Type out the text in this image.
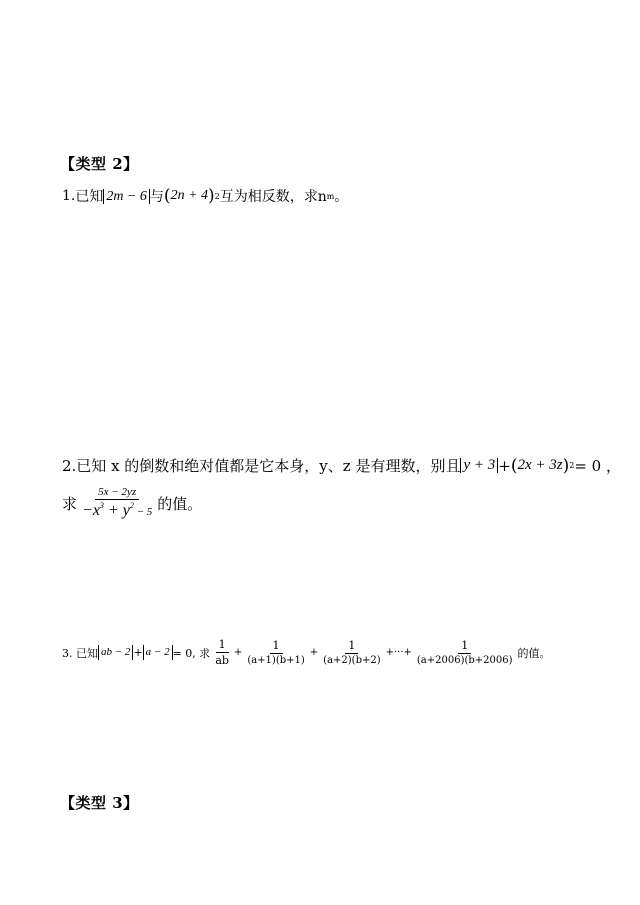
【类型 2】
1. 已知 2m − 6 与 ( 2n + 4 ) 2 互为相反数，求n m 。
2.已知 x 的倒数和绝对值都是它本身，y、z 是有理数，别且 y + 3 + ( 2x + 3z ) 2 = 0 ，
求 $\frac{5x - 2yz}{-x^3 + y^2 - 5}$ 的值。
3. 已知 ab − 2 + a − 2 = 0, 求 $\frac{1}{ab} + \frac{1}{(a+1)(b+1)} + \frac{1}{(a+2)(b+2)}$ +···+ $\frac{1}{(a+2006)(b+2006)}$ 的值。
【类型 3】
